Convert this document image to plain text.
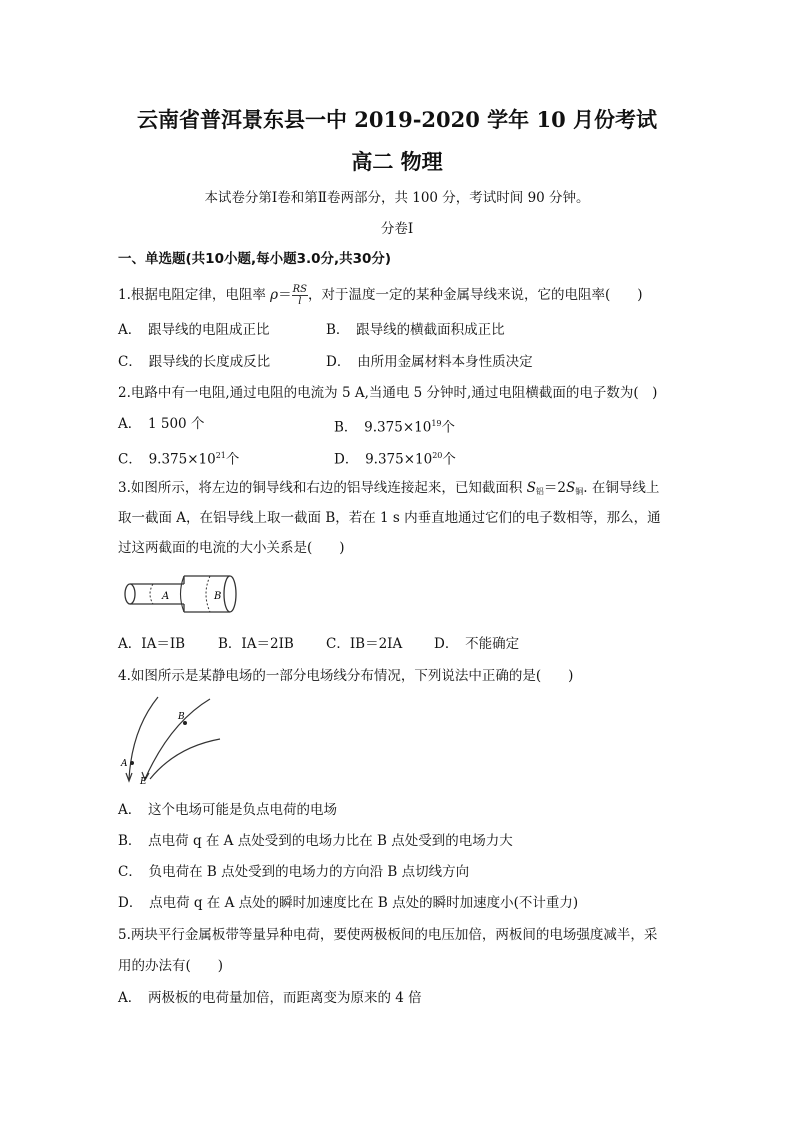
云南省普洱景东县一中 2019-2020 学年 10 月份考试
高二 物理
本试卷分第Ⅰ卷和第Ⅱ卷两部分，共 100 分，考试时间 90 分钟。
分卷Ⅰ
一、单选题(共10小题,每小题3.0分,共30分)
1.根据电阻定律，电阻率 $\rho= \frac{RS}{l}$ ，对于温度一定的某种金属导线来说，它的电阻率(　　)
A．　跟导线的电阻成正比	B．　跟导线的横截面积成正比
C．　跟导线的长度成反比	D．　由所用金属材料本身性质决定
2.电路中有一电阻,通过电阻的电流为 5 A,当通电 5 分钟时,通过电阻横截面的电子数为(　)
A．　1 500 个	B．　$9.375\times 10^{19}$个
C．　$9.375\times 10^{21}$个	D．　$9.375\times 10^{20}$个
3.如图所示，将左边的铜导线和右边的铝导线连接起来，已知截面积 $S_铝=2S_铜$. 在铜导线上
取一截面 A，在铝导线上取一截面 B，若在 1 s 内垂直地通过它们的电子数相等，那么，通
过这两截面的电流的大小关系是(　　)
A	B
A．IA＝IB B．IA＝2IB C．IB＝2IA D．　不能确定
4.如图所示是某静电场的一部分电场线分布情况，下列说法中正确的是(　　)
A
B
E
A．　这个电场可能是负点电荷的电场
B．　点电荷 q 在 A 点处受到的电场力比在 B 点处受到的电场力大
C．　负电荷在 B 点处受到的电场力的方向沿 B 点切线方向
D．　点电荷 q 在 A 点处的瞬时加速度比在 B 点处的瞬时加速度小(不计重力)
5.两块平行金属板带等量异种电荷，要使两极板间的电压加倍，两板间的电场强度减半，采
用的办法有(　　)
A．　两极板的电荷量加倍，而距离变为原来的 4 倍
